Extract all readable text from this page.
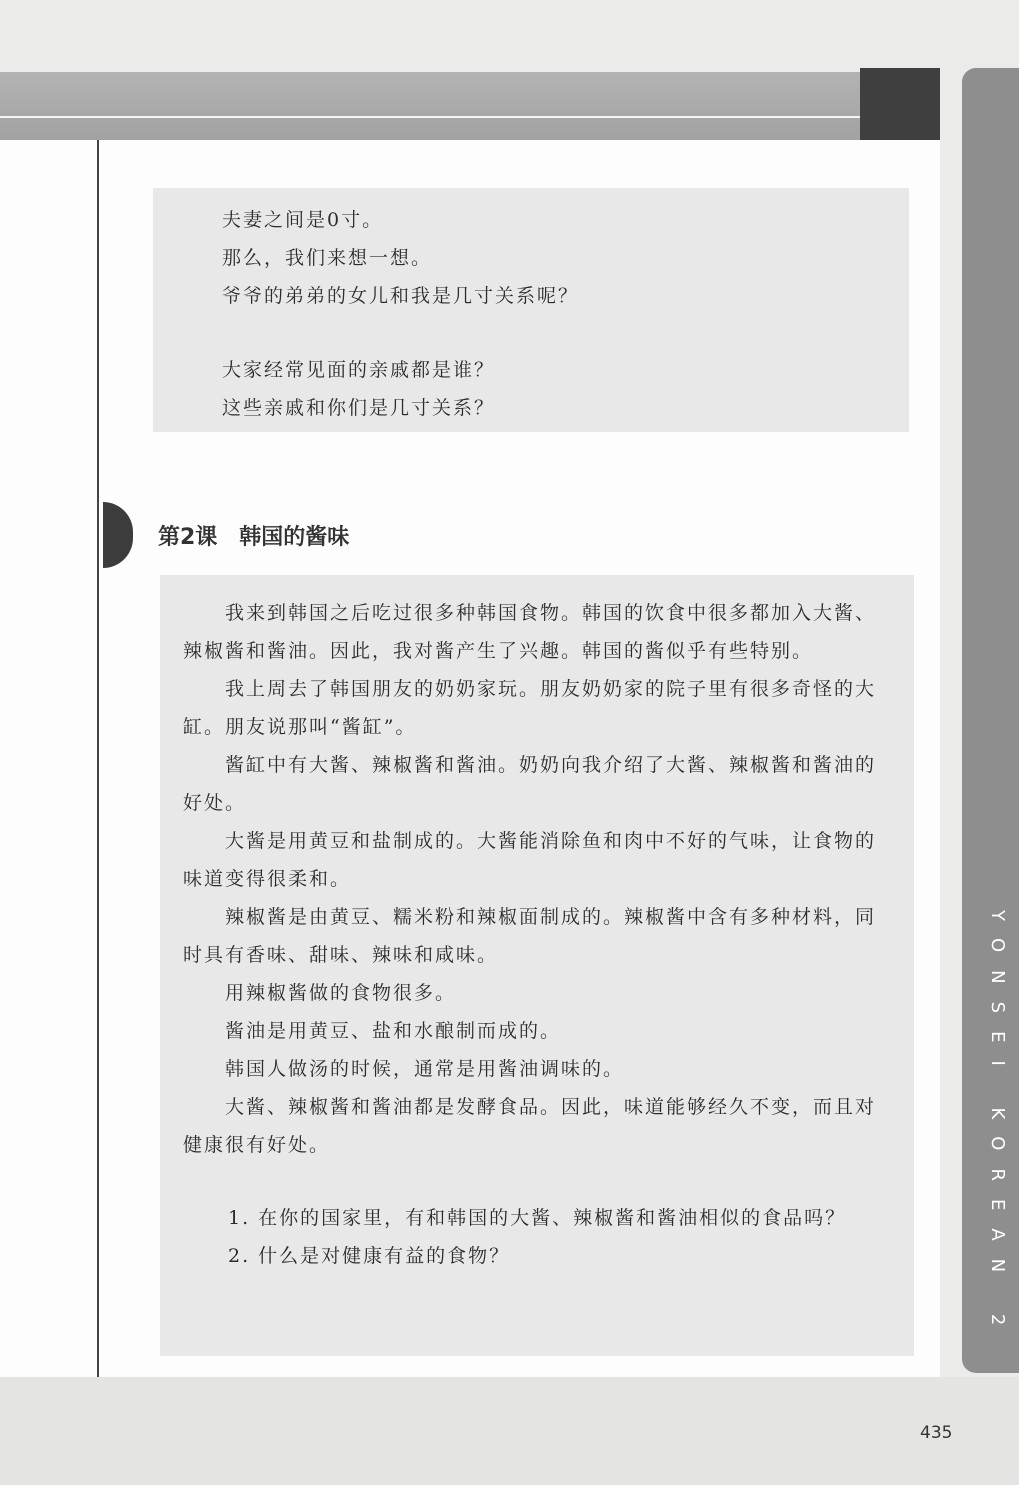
YONSEI KOREAN 2
夫妻之间是0寸。
那么，我们来想一想。
爷爷的弟弟的女儿和我是几寸关系呢？
大家经常见面的亲戚都是谁？
这些亲戚和你们是几寸关系？
第2课　韩国的酱味
我来到韩国之后吃过很多种韩国食物。韩国的饮食中很多都加入大酱、
辣椒酱和酱油。因此，我对酱产生了兴趣。韩国的酱似乎有些特别。
我上周去了韩国朋友的奶奶家玩。朋友奶奶家的院子里有很多奇怪的大
缸。朋友说那叫“酱缸”。
酱缸中有大酱、辣椒酱和酱油。奶奶向我介绍了大酱、辣椒酱和酱油的
好处。
大酱是用黄豆和盐制成的。大酱能消除鱼和肉中不好的气味，让食物的
味道变得很柔和。
辣椒酱是由黄豆、糯米粉和辣椒面制成的。辣椒酱中含有多种材料，同
时具有香味、甜味、辣味和咸味。
用辣椒酱做的食物很多。
酱油是用黄豆、盐和水酿制而成的。
韩国人做汤的时候，通常是用酱油调味的。
大酱、辣椒酱和酱油都是发酵食品。因此，味道能够经久不变，而且对
健康很有好处。
1. 在你的国家里，有和韩国的大酱、辣椒酱和酱油相似的食品吗？
2. 什么是对健康有益的食物？
435
